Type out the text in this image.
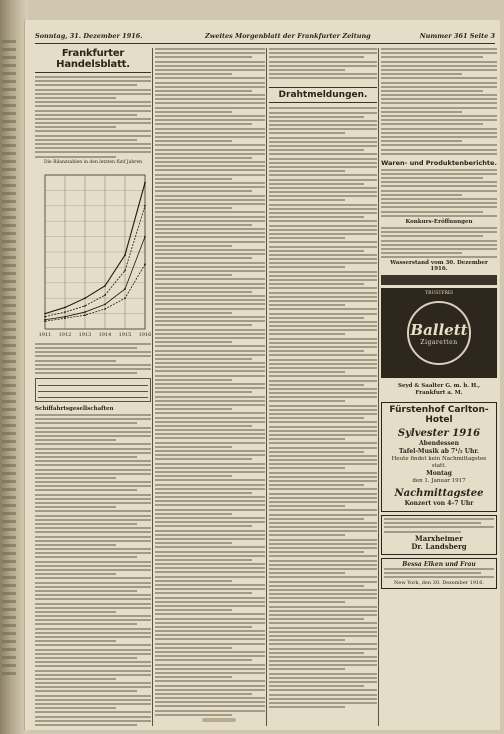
Sonntag, 31. Dezember 1916.	Zweites Morgenblatt der Frankfurter Zeitung	Nummer 361 Seite 3
Frankfurter Handelsblatt.
Die Bilanzzahlen in den letzten fünf Jahren
1911 1912 1913 1914 1915 1916
Schiffahrtsgesellschaften
Drahtmeldungen.
Waren- und Produktenberichte.
Konkurs-Eröffnungen
Wasserstand vom 30. Dezember 1916.
TRUSTFREI
Ballett
Zigaretten
Seyd & Saalter G. m. b. H., Frankfurt a. M.
Fürstenhof Carlton-Hotel
Sylvester 1916
Abendessen
Tafel-Musik ab 7¹/₂ Uhr.
Heute findet kein Nachmittagstee statt.
Montag
den 1. Januar 1917
Nachmittagstee
Konzert von 4–7 Uhr
Marxheimer
Dr. Landsberg
Bessa Elken und Frau
New York, den 30. Dezember 1916.
